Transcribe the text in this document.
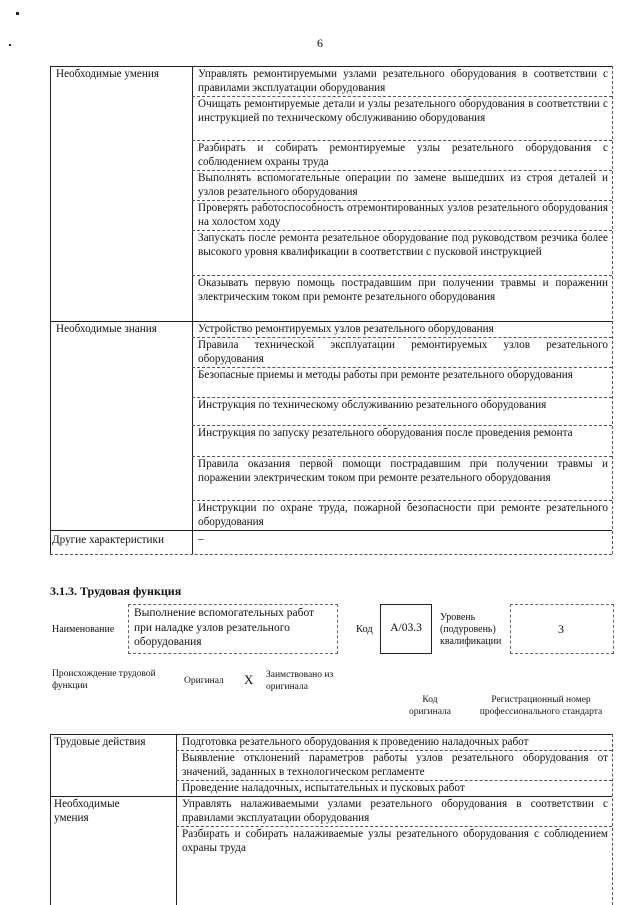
6
Необходимые умения
Необходимые знания
Другие характеристики
Управлять ремонтируемыми узлами резательного оборудования в соответствии с правилами эксплуатации оборудования
Очищать ремонтируемые детали и узлы резательного оборудования в соответствии с инструкцией по техническому обслуживанию оборудования
Разбирать и собирать ремонтируемые узлы резательного оборудования с соблюдением охраны труда
Выполнять вспомогательные операции по замене вышедших из строя деталей и узлов резательного оборудования
Проверять работоспособность отремонтированных узлов резательного оборудования на холостом ходу
Запускать после ремонта резательное оборудование под руководством резчика более высокого уровня квалификации в соответствии с пусковой инструкцией
Оказывать первую помощь пострадавшим при получении травмы и поражении электрическим током при ремонте резательного оборудования
Устройство ремонтируемых узлов резательного оборудования
Правила технической эксплуатации ремонтируемых узлов резательного оборудования
Безопасные приемы и методы работы при ремонте резательного оборудования
Инструкция по техническому обслуживанию резательного оборудования
Инструкция по запуску резательного оборудования после проведения ремонта
Правила оказания первой помощи пострадавшим при получении травмы и поражении электрическим током при ремонте резательного оборудования
Инструкции по охране труда, пожарной безопасности при ремонте резательного оборудования
–
3.1.3. Трудовая функция
Наименование
Выполнение вспомогательных работ при наладке узлов резательного оборудования
Код	А/03.3
Уровень (подуровень) квалификации
3
Происхождение трудовой функции	Оригинал X Заимствовано из оригинала
Код оригинала
Регистрационный номер профессионального стандарта
Трудовые действия
Необходимые умения
Подготовка резательного оборудования к проведению наладочных работ
Выявление отклонений параметров работы узлов резательного оборудования от значений, заданных в технологическом регламенте
Проведение наладочных, испытательных и пусковых работ
Управлять налаживаемыми узлами резательного оборудования в соответствии с правилами эксплуатации оборудования
Разбирать и собирать налаживаемые узлы резательного оборудования с соблюдением охраны труда
